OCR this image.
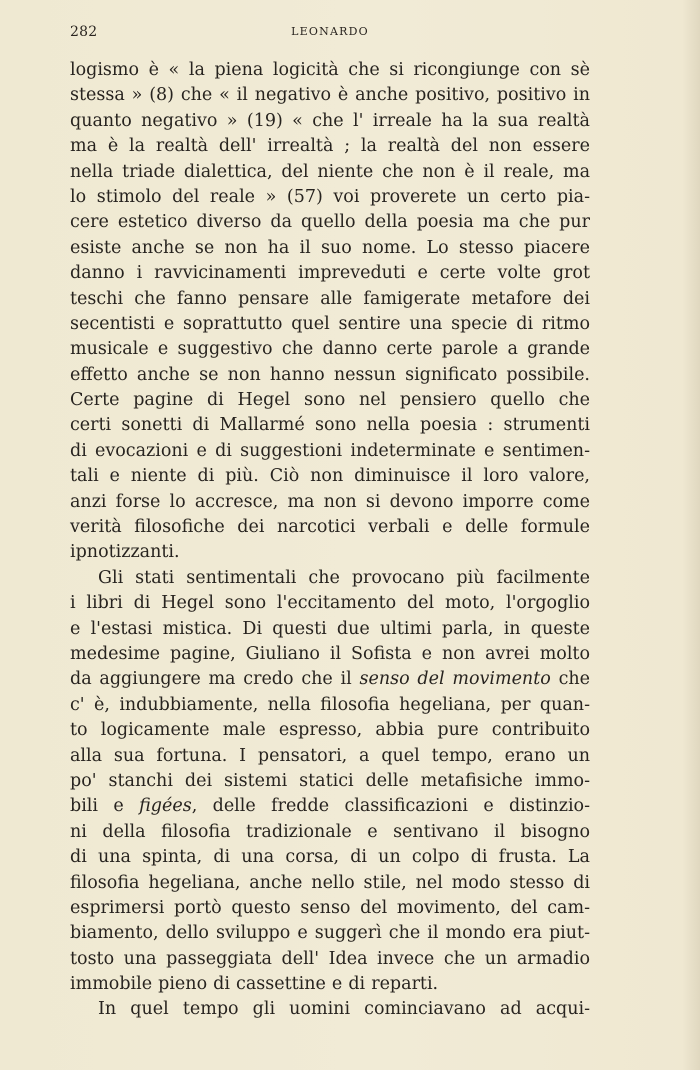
282	LEONARDO
logismo è « la piena logicità che si ricongiunge con sè
stessa » (8) che « il negativo è anche positivo, positivo in
quanto negativo » (19) « che l' irreale ha la sua realtà
ma è la realtà dell' irrealtà ; la realtà del non essere
nella triade dialettica, del niente che non è il reale, ma
lo stimolo del reale » (57) voi proverete un certo pia-
cere estetico diverso da quello della poesia ma che pur
esiste anche se non ha il suo nome. Lo stesso piacere
danno i ravvicinamenti impreveduti e certe volte grot
teschi che fanno pensare alle famigerate metafore dei
secentisti e soprattutto quel sentire una specie di ritmo
musicale e suggestivo che danno certe parole a grande
effetto anche se non hanno nessun significato possibile.
Certe pagine di Hegel sono nel pensiero quello che
certi sonetti di Mallarmé sono nella poesia : strumenti
di evocazioni e di suggestioni indeterminate e sentimen-
tali e niente di più. Ciò non diminuisce il loro valore,
anzi forse lo accresce, ma non si devono imporre come
verità filosofiche dei narcotici verbali e delle formule
ipnotizzanti.
Gli stati sentimentali che provocano più facilmente
i libri di Hegel sono l'eccitamento del moto, l'orgoglio
e l'estasi mistica. Di questi due ultimi parla, in queste
medesime pagine, Giuliano il Sofista e non avrei molto
da aggiungere ma credo che il senso del movimento che
c' è, indubbiamente, nella filosofia hegeliana, per quan-
to logicamente male espresso, abbia pure contribuito
alla sua fortuna. I pensatori, a quel tempo, erano un
po' stanchi dei sistemi statici delle metafisiche immo-
bili e figées, delle fredde classificazioni e distinzio-
ni della filosofia tradizionale e sentivano il bisogno
di una spinta, di una corsa, di un colpo di frusta. La
filosofia hegeliana, anche nello stile, nel modo stesso di
esprimersi portò questo senso del movimento, del cam-
biamento, dello sviluppo e suggerì che il mondo era piut-
tosto una passeggiata dell' Idea invece che un armadio
immobile pieno di cassettine e di reparti.
In quel tempo gli uomini cominciavano ad acqui-
